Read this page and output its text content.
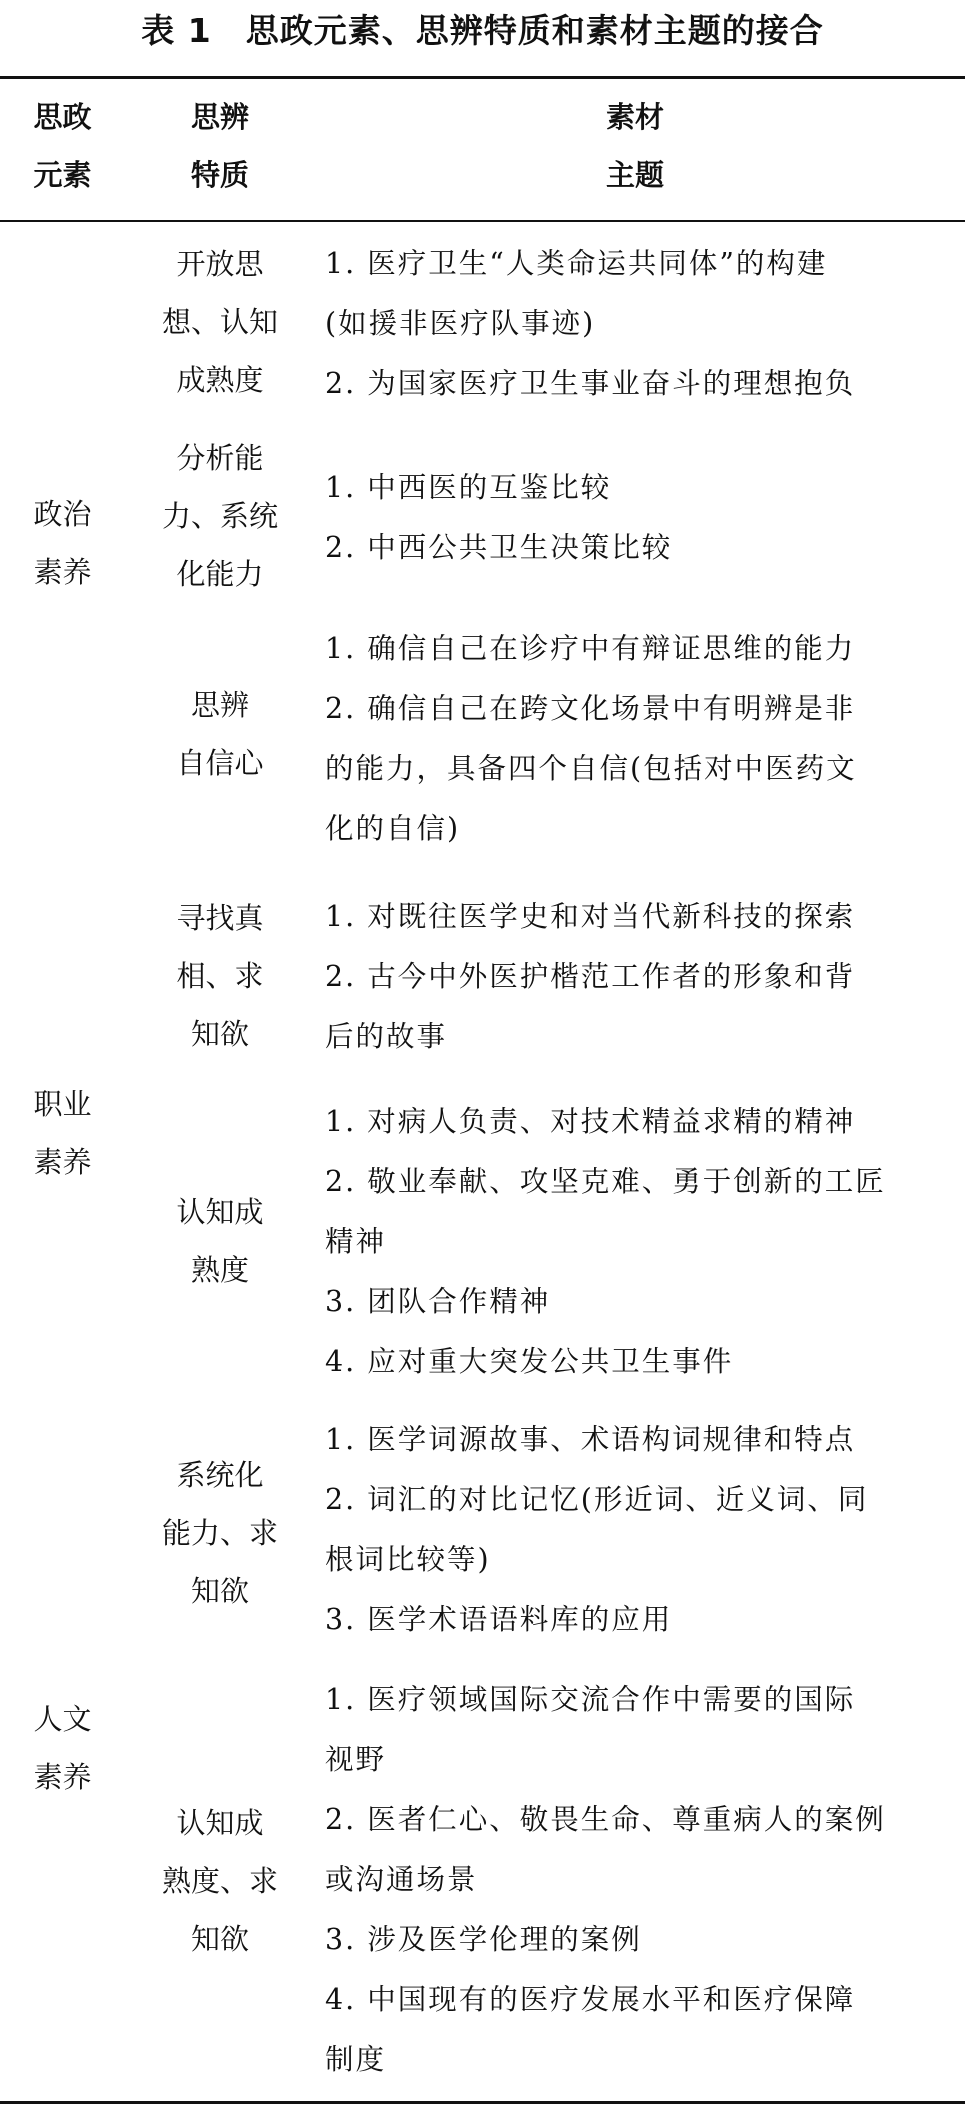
表 1　思政元素、思辨特质和素材主题的接合
思政
元素
思辨
特质
素材
主题
政治
素养
职业
素养
人文
素养
开放思
想、认知
成熟度
1. 医疗卫生“人类命运共同体”的构建
(如援非医疗队事迹)
2. 为国家医疗卫生事业奋斗的理想抱负
分析能
力、系统
化能力
1. 中西医的互鉴比较
2. 中西公共卫生决策比较
思辨
自信心
1. 确信自己在诊疗中有辩证思维的能力
2. 确信自己在跨文化场景中有明辨是非
的能力，具备四个自信(包括对中医药文
化的自信)
寻找真
相、求
知欲
1. 对既往医学史和对当代新科技的探索
2. 古今中外医护楷范工作者的形象和背
后的故事
认知成
熟度
1. 对病人负责、对技术精益求精的精神
2. 敬业奉献、攻坚克难、勇于创新的工匠
精神
3. 团队合作精神
4. 应对重大突发公共卫生事件
系统化
能力、求
知欲
1. 医学词源故事、术语构词规律和特点
2. 词汇的对比记忆(形近词、近义词、同
根词比较等)
3. 医学术语语料库的应用
认知成
熟度、求
知欲
1. 医疗领域国际交流合作中需要的国际
视野
2. 医者仁心、敬畏生命、尊重病人的案例
或沟通场景
3. 涉及医学伦理的案例
4. 中国现有的医疗发展水平和医疗保障
制度
